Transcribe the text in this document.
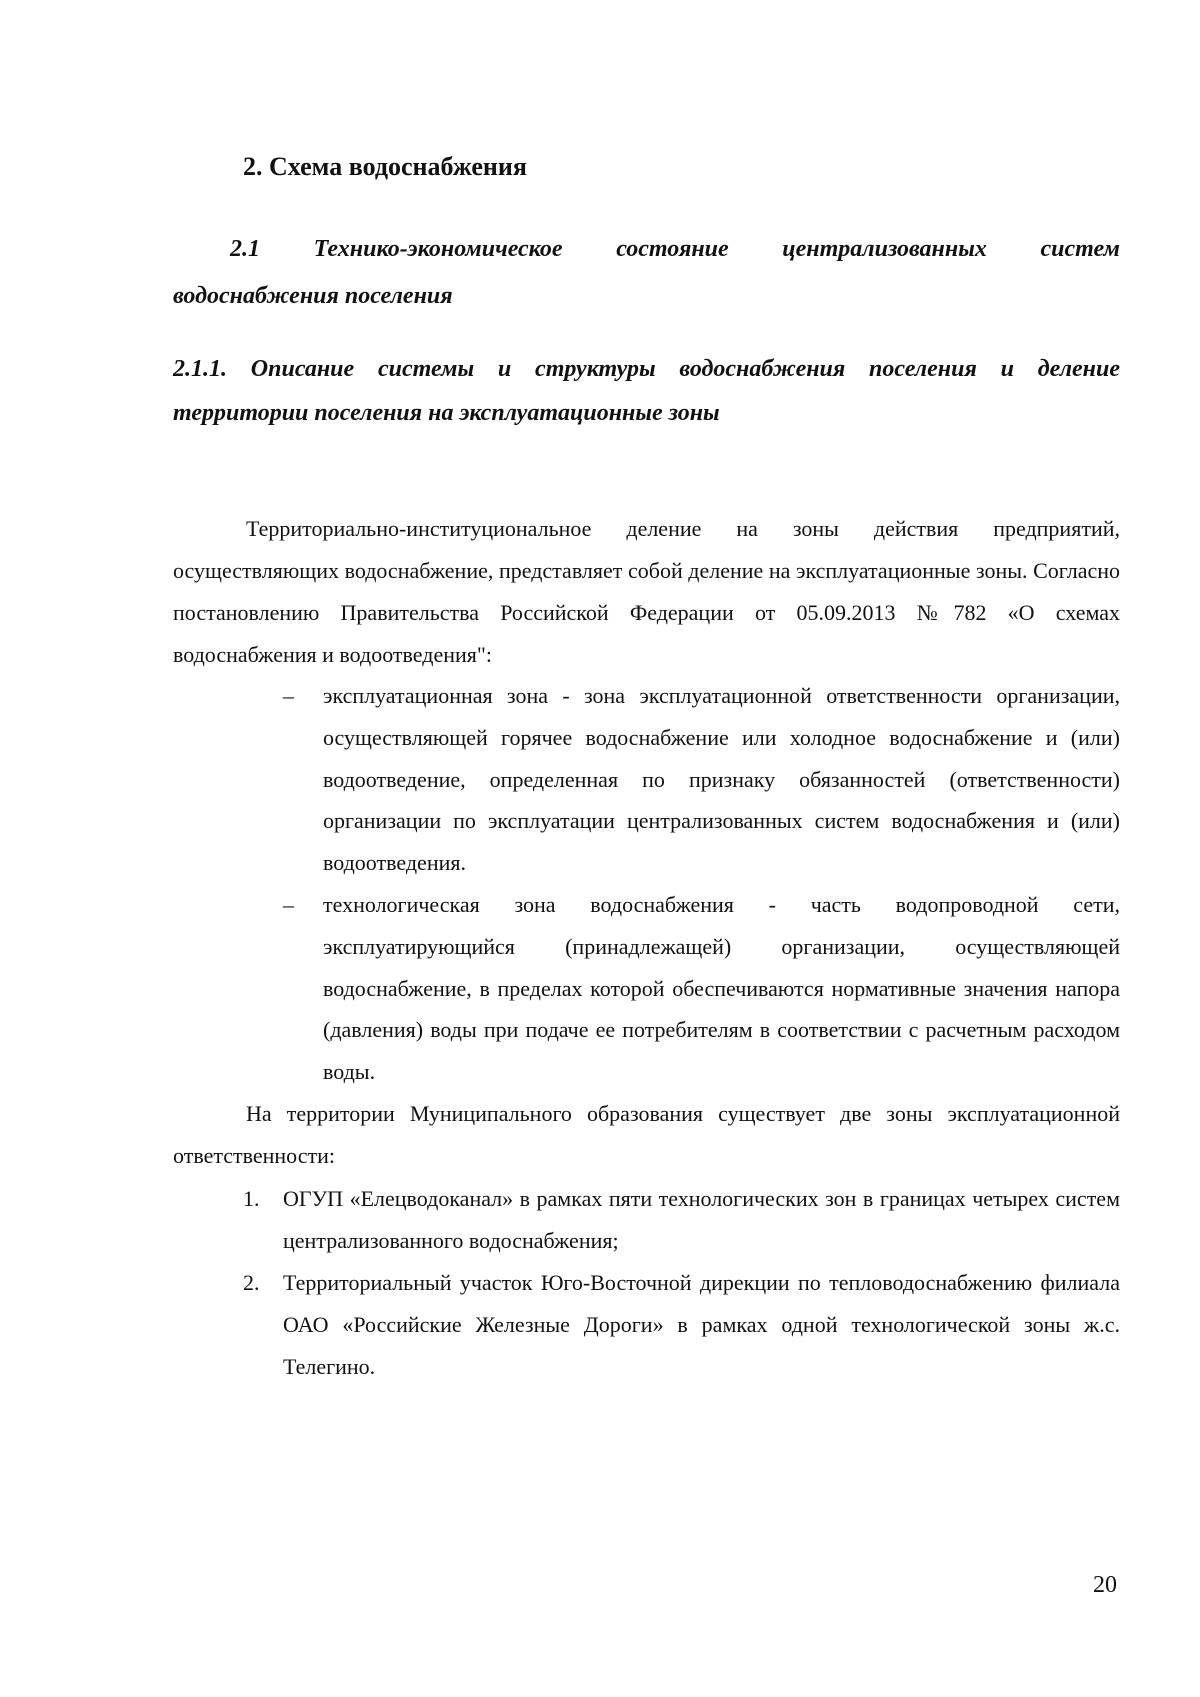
2. Схема водоснабжения
2.1 Технико-экономическое состояние централизованных систем
водоснабжения поселения
2.1.1. Описание системы и структуры водоснабжения поселения и деление
территории поселения на эксплуатационные зоны

Территориально-институциональное деление на зоны действия предприятий, осуществляющих водоснабжение, представляет собой деление на эксплуатационные зоны. Согласно постановлению Правительства Российской Федерации от 05.09.2013 №782 «О схемах водоснабжения и водоотведения":

– эксплуатационная зона - зона эксплуатационной ответственности организации, осуществляющей горячее водоснабжение или холодное водоснабжение и (или) водоотведение, определенная по признаку обязанностей (ответственности) организации по эксплуатации централизованных систем водоснабжения и (или) водоотведения.
– технологическая зона водоснабжения - часть водопроводной сети, эксплуатирующийся (принадлежащей) организации, осуществляющей водоснабжение, в пределах которой обеспечиваются нормативные значения напора (давления) воды при подаче ее потребителям в соответствии с расчетным расходом воды.

На территории Муниципального образования существует две зоны эксплуатационной ответственности:

1. ОГУП «Елецводоканал» в рамках пяти технологических зон в границах четырех систем централизованного водоснабжения;
2. Территориальный участок Юго-Восточной дирекции по тепловодоснабжению филиала ОАО «Российские Железные Дороги» в рамках одной технологической зоны ж.с. Телегино.
20
